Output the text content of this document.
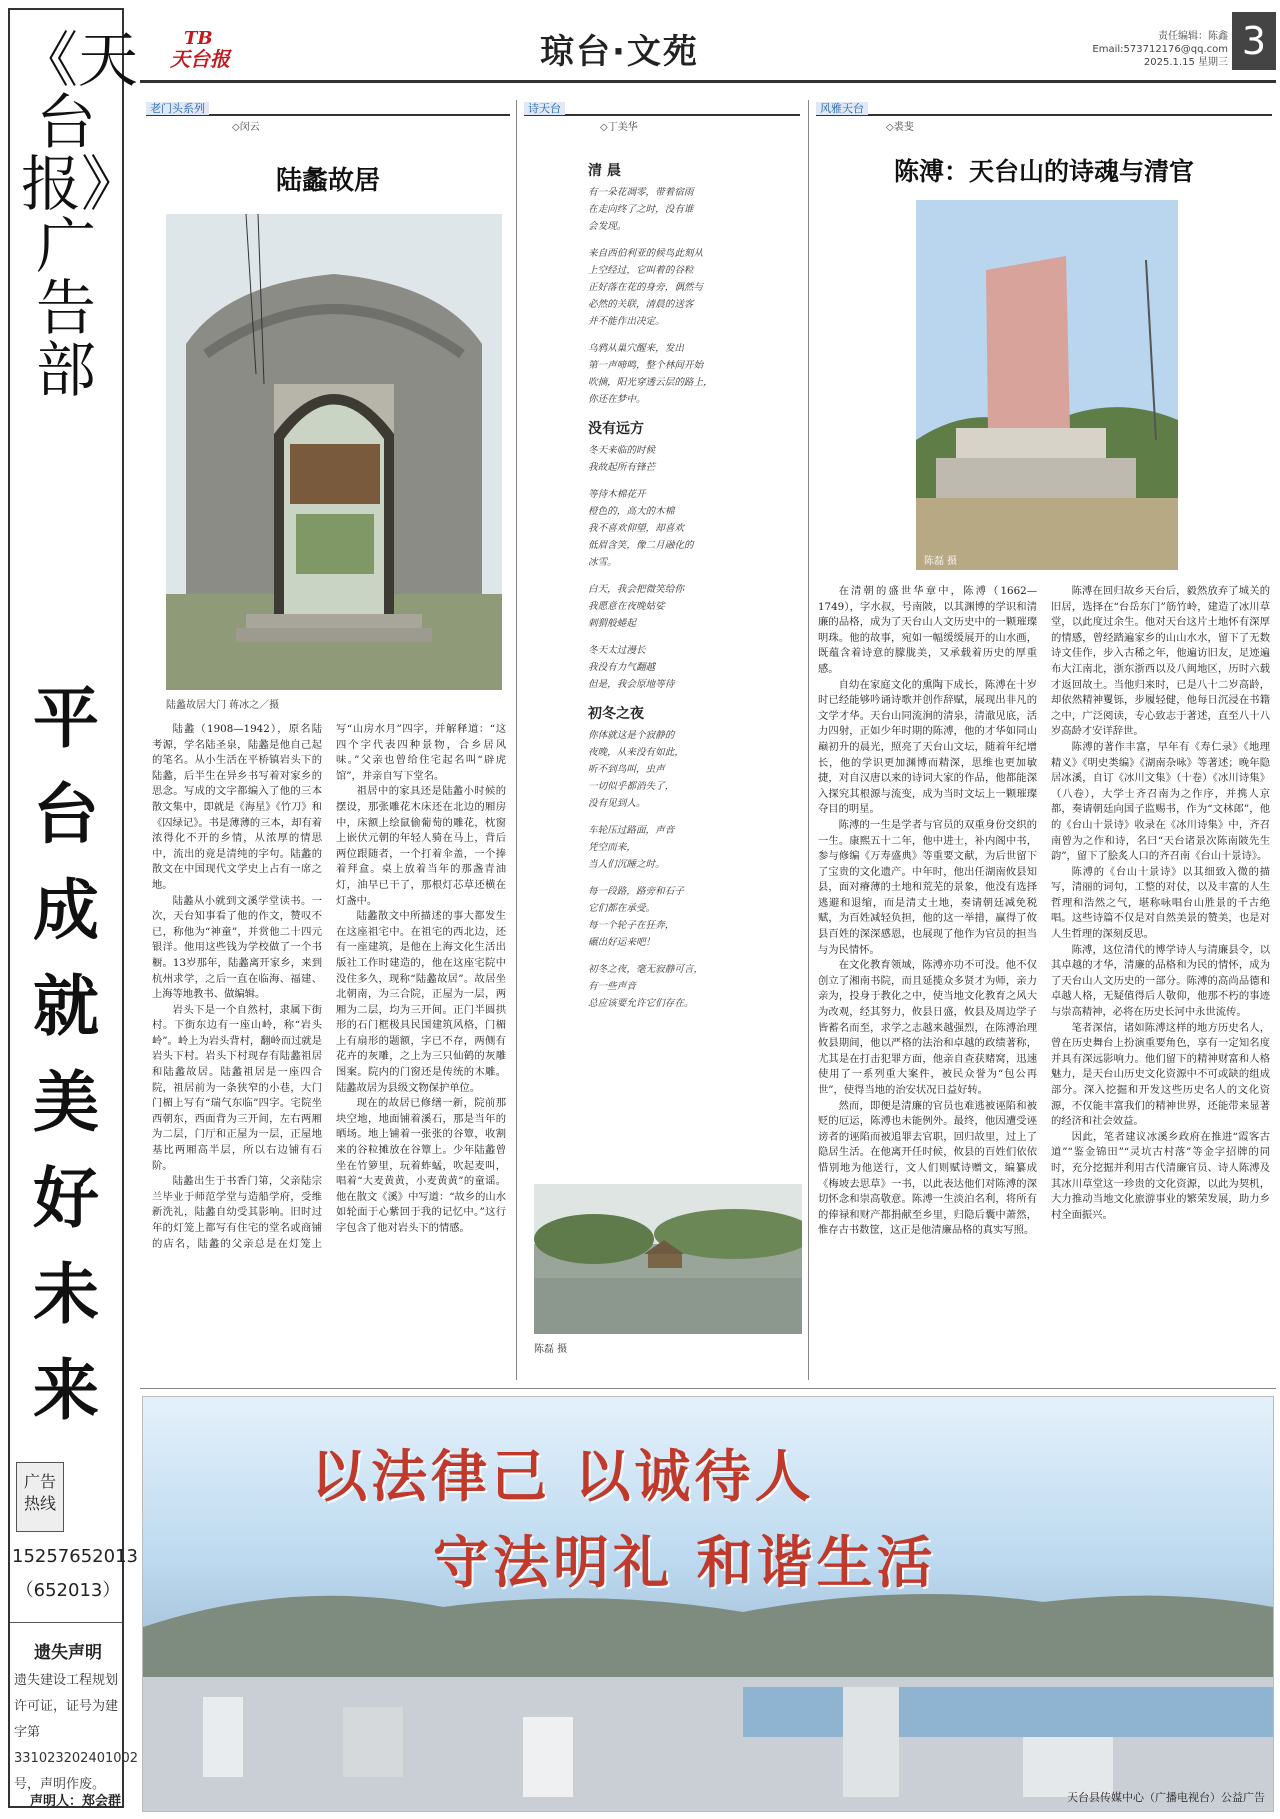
《天台报》广告部
平台成就美好未来
广告热线
15257652013
（652013）
遗失声明
遗失建设工程规划许可证，证号为建字第331023202401002号，声明作废。
声明人：郑会群
TB
天台报	琼台·文苑	责任编辑：陈鑫
Email:573712176@qq.com
2025.1.15 星期三 3
老门头系列
◇闵云
陆蠡故居
陆蠡故居大门 蒋冰之／摄

陆蠡（1908—1942），原名陆考源，学名陆圣泉，陆蠡是他自己起的笔名。从小生活在平桥镇岩头下的陆蠡，后半生在异乡书写着对家乡的思念。写成的文字都编入了他的三本散文集中，即就是《海星》《竹刀》和《囚绿记》。书是薄薄的三本，却有着浓得化不开的乡情，从浓厚的情思中，流出的竟是清纯的字句。陆蠡的散文在中国现代文学史上占有一席之地。

陆蠡从小就到文溪学堂读书。一次，天台知事看了他的作文，赞叹不已，称他为“神童”，并赏他二十四元银洋。他用这些钱为学校做了一个书橱。13岁那年，陆蠡离开家乡，来到杭州求学，之后一直在临海、福建、上海等地教书、做编辑。

岩头下是一个自然村，隶属下街村。下街东边有一座山岭，称“岩头岭”。岭上为岩头背村，翻岭而过就是岩头下村。岩头下村现存有陆蠡祖居和陆蠡故居。陆蠡祖居是一座四合院，祖居前为一条狭窄的小巷，大门门楣上写有“瑞气东临”四字。宅院坐西朝东，西面背为三开间，左右两厢为二层，门厅和正屋为一层，正屋地基比两厢高半层，所以右边铺有石阶。

陆蠡出生于书香门第，父亲陆宗兰毕业于师范学堂与造船学府，受维新洗礼，陆蠡自幼受其影响。旧时过年的灯笼上都写有住宅的堂名或商铺的店名，陆蠡的父亲总是在灯笼上写“山房水月”四字，并解释道：“这四个字代表四种景物，合乡居风味。”父亲也曾给住宅起名叫“辟虎馆”，并亲自写下堂名。

祖居中的家具还是陆蠡小时候的摆设，那张雕花木床还在北边的厢房中，床额上绘鼠偷葡萄的雕花，枕窗上嵌伏元朝的年轻人骑在马上，背后两位跟随者，一个打着伞盖，一个捧着拜盒。桌上放着当年的那盏青油灯，油早已干了，那根灯芯草还横在灯盏中。

陆蠡散文中所描述的事大都发生在这座祖宅中。在祖宅的西北边，还有一座建筑，是他在上海文化生活出版社工作时建造的，他在这座宅院中没住多久，现称“陆蠡故居”。故居坐北朝南，为三合院，正屋为一层，两厢为二层，均为三开间。正门半圆拱形的石门框极具民国建筑风格，门楣上有扇形的题额，字已不存，两侧有花卉的灰雕，之上为三只仙鹤的灰雕图案。院内的门窗还是传统的木雕。陆蠡故居为县级文物保护单位。

现在的故居已修缮一新，院前那块空地，地面铺着溪石，那是当年的晒场。地上铺着一张张的谷簟，收割来的谷粒摊放在谷簟上。少年陆蠡曾坐在竹箩里，玩着蚱蜢，吹起麦叫，唱着“大麦黄黄，小麦黄黄”的童谣。他在散文《溪》中写道：“故乡的山水如轮面于心紫回于我的记忆中。”这行字包含了他对岩头下的情感。

诗天台
◇丁美华
清 晨
有一朵花凋零，带着宿雨
在走向终了之时，没有谁
会发现。
来自西伯利亚的候鸟此刻从
上空经过，它叫着的谷粒
正好落在花的身旁，偶然与
必然的关联，清晨的送客
并不能作出决定。
乌鸦从巢穴醒来，发出
第一声啼鸣，整个林间开始
吹摘，阳光穿透云层的路上，
你还在梦中。
没有远方
冬天来临的时候
我故起所有锋芒
等待木棉花开
橙色的，高大的木棉
我不喜欢仰望，却喜欢
低眉含笑，像二月融化的
冰雪。
白天，我会把微笑给你
我愿意在夜晚姑娑
刺猬般蜷起
冬天太过漫长
我没有力气翻越
但是，我会原地等待
初冬之夜
你体就这是个寂静的
夜晚，从来没有如此，
听不到鸟叫，虫声
一切似乎都消失了，
没有见到人。
车轮压过路面，声音
凭空而来，
当人们沉睡之时。
每一段路，路旁和石子
它们都在承受。
每一个轮子在狂奔，
碾出好运来吧！
初冬之夜，毫无寂静可言，
有一些声音
总应该要允许它们存在。
陈磊 摄
风雅天台
◇裘斐
陈溥：天台山的诗魂与清官
陈磊 摄

在清朝的盛世华章中，陈溥（1662—1749），字水叔，号南陂，以其渊博的学识和清廉的品格，成为了天台山人文历史中的一颗璀璨明珠。他的故事，宛如一幅缓缓展开的山水画，既蕴含着诗意的朦胧美，又承载着历史的厚重感。

自幼在家庭文化的熏陶下成长，陈溥在十岁时已经能够吟诵诗歌并创作辞赋，展现出非凡的文学才华。天台山同流涧的清泉，清澈见底，活力四射，正如少年时期的陈溥，他的才华如同山巅初升的晨光，照亮了天台山文坛，随着年纪增长，他的学识更加渊博而精深，思维也更加敏捷，对自汉唐以来的诗词大家的作品，他都能深入探究其根源与流变，成为当时文坛上一颗璀璨夺目的明星。

陈溥的一生是学者与官员的双重身份交织的一生。康熙五十二年，他中进士，补内阁中书，参与修编《万寿盛典》等重要文献，为后世留下了宝贵的文化遗产。中年时，他出任湖南攸县知县，面对瘠薄的土地和荒芜的景象，他没有选择逃避和退缩，而是清丈土地，奏请朝廷减免税赋，为百姓减轻负担，他的这一举措，赢得了攸县百姓的深深感恩，也展现了他作为官员的担当与为民情怀。

在文化教育领域，陈溥亦功不可没。他不仅创立了湘南书院，而且延揽众多贤才为师，亲力亲为，投身于教化之中，使当地文化教育之风大为改观，经其努力，攸县日盛，攸县及周边学子皆蓄名而至，求学之志越来越强烈，在陈溥治理攸县期间，他以严格的法治和卓越的政绩著称，尤其是在打击犯罪方面，他亲自查获赌窝，迅速使用了一系列重大案件，被民众誉为“包公再世”，使得当地的治安状况日益好转。

然而，即便是清廉的官员也难逃被诬陷和被贬的厄运，陈溥也未能例外。最终，他因遭受诬谤者的诬陷而被追罪去官职，回归故里，过上了隐居生活。在他离开任时候，攸县的百姓们依依惜别地为他送行，文人们则赋诗赠文，编纂成《梅坡去思草》一书，以此表达他们对陈溥的深切怀念和崇高敬意。陈溥一生淡泊名利，将所有的俸禄和财产都捐献至乡里，归隐后囊中萧然，惟存古书数筐，这正是他清廉品格的真实写照。

陈溥在回归故乡天台后，毅然放弃了城关的旧居，选择在“台岳东门”筋竹岭，建造了冰川草堂，以此度过余生。他对天台这片土地怀有深厚的情感，曾经踏遍家乡的山山水水，留下了无数诗文佳作，步入古稀之年，他遍访旧友，足迹遍布大江南北，浙东浙西以及八闽地区，历时六载才返回故土。当他归来时，已是八十二岁高龄，却依然精神矍铄，步履轻健，他每日沉浸在书籍之中，广泛阅读，专心致志于著述，直至八十八岁高龄才安详辞世。

陈溥的著作丰富，早年有《寿仁录》《地理精义》《明史类编》《湖南杂咏》等著述；晚年隐居冰溪，自订《冰川文集》（十卷）《冰川诗集》（八卷），大学士齐召南为之作序，并携人京都，奏请朝廷向国子监赐书，作为“文林郎”，他的《台山十景诗》收录在《冰川诗集》中，齐召南曾为之作和诗，名曰“天台诸景次陈南陂先生韵”，留下了脍炙人口的齐召南《台山十景诗》。

陈溥的《台山十景诗》以其细致入微的描写，清丽的词句，工整的对仗，以及丰富的人生哲理和浩然之气，堪称咏唱台山胜景的千古绝唱。这些诗篇不仅是对自然美景的赞美，也是对人生哲理的深刻反思。

陈溥，这位清代的博学诗人与清廉县令，以其卓越的才华，清廉的品格和为民的情怀，成为了天台山人文历史的一部分。陈溥的高尚品德和卓越人格，无疑值得后人敬仰，他那不朽的事迹与崇高精神，必将在历史长河中永世流传。

笔者深信，诸如陈溥这样的地方历史名人，曾在历史舞台上扮演重要角色，享有一定知名度并具有深远影响力。他们留下的精神财富和人格魅力，是天台山历史文化资源中不可或缺的组成部分。深入挖掘和开发这些历史名人的文化资源，不仅能丰富我们的精神世界，还能带来显著的经济和社会效益。

因此，笔者建议冰溪乡政府在推进“霞客古道”“鉴金锦田”“灵坑古村落”等金字招牌的同时，充分挖掘并利用古代清廉官员、诗人陈溥及其冰川草堂这一珍贵的文化资源，以此为契机，大力推动当地文化旅游事业的繁荣发展，助力乡村全面振兴。

以法律己 以诚待人
守法明礼 和谐生活
天台县传媒中心（广播电视台）公益广告
